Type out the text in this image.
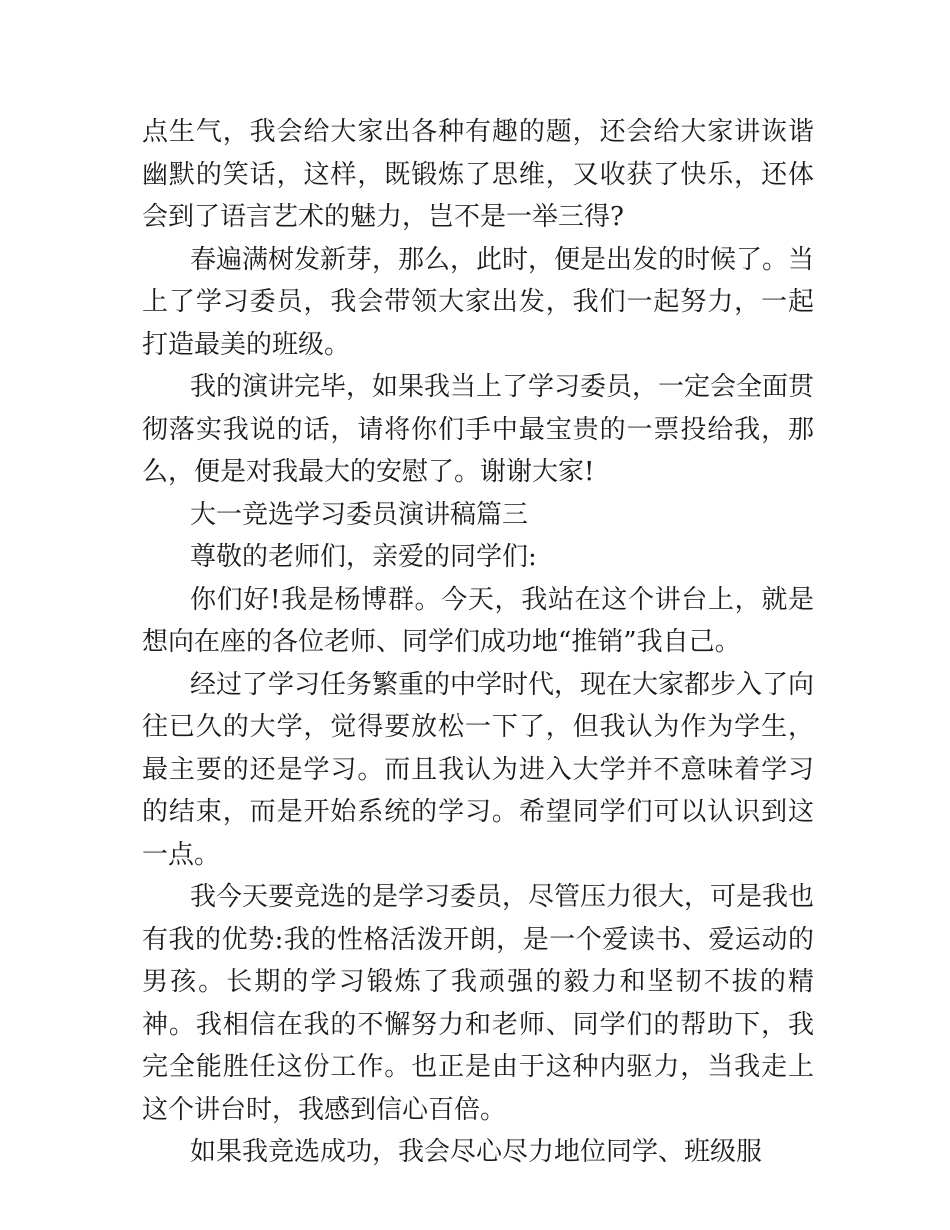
点生气，我会给大家出各种有趣的题，还会给大家讲诙谐幽默的笑话，这样，既锻炼了思维，又收获了快乐，还体会到了语言艺术的魅力，岂不是一举三得?

春遍满树发新芽，那么，此时，便是出发的时候了。当上了学习委员，我会带领大家出发，我们一起努力，一起打造最美的班级。

我的演讲完毕，如果我当上了学习委员，一定会全面贯彻落实我说的话，请将你们手中最宝贵的一票投给我，那么，便是对我最大的安慰了。谢谢大家!

大一竞选学习委员演讲稿篇三

尊敬的老师们，亲爱的同学们:

你们好!我是杨博群。今天，我站在这个讲台上，就是想向在座的各位老师、同学们成功地“推销”我自己。

经过了学习任务繁重的中学时代，现在大家都步入了向往已久的大学，觉得要放松一下了，但我认为作为学生，最主要的还是学习。而且我认为进入大学并不意味着学习的结束，而是开始系统的学习。希望同学们可以认识到这一点。

我今天要竞选的是学习委员，尽管压力很大，可是我也有我的优势:我的性格活泼开朗，是一个爱读书、爱运动的男孩。长期的学习锻炼了我顽强的毅力和坚韧不拔的精神。我相信在我的不懈努力和老师、同学们的帮助下，我完全能胜任这份工作。也正是由于这种内驱力，当我走上这个讲台时，我感到信心百倍。

如果我竞选成功，我会尽心尽力地位同学、班级服
